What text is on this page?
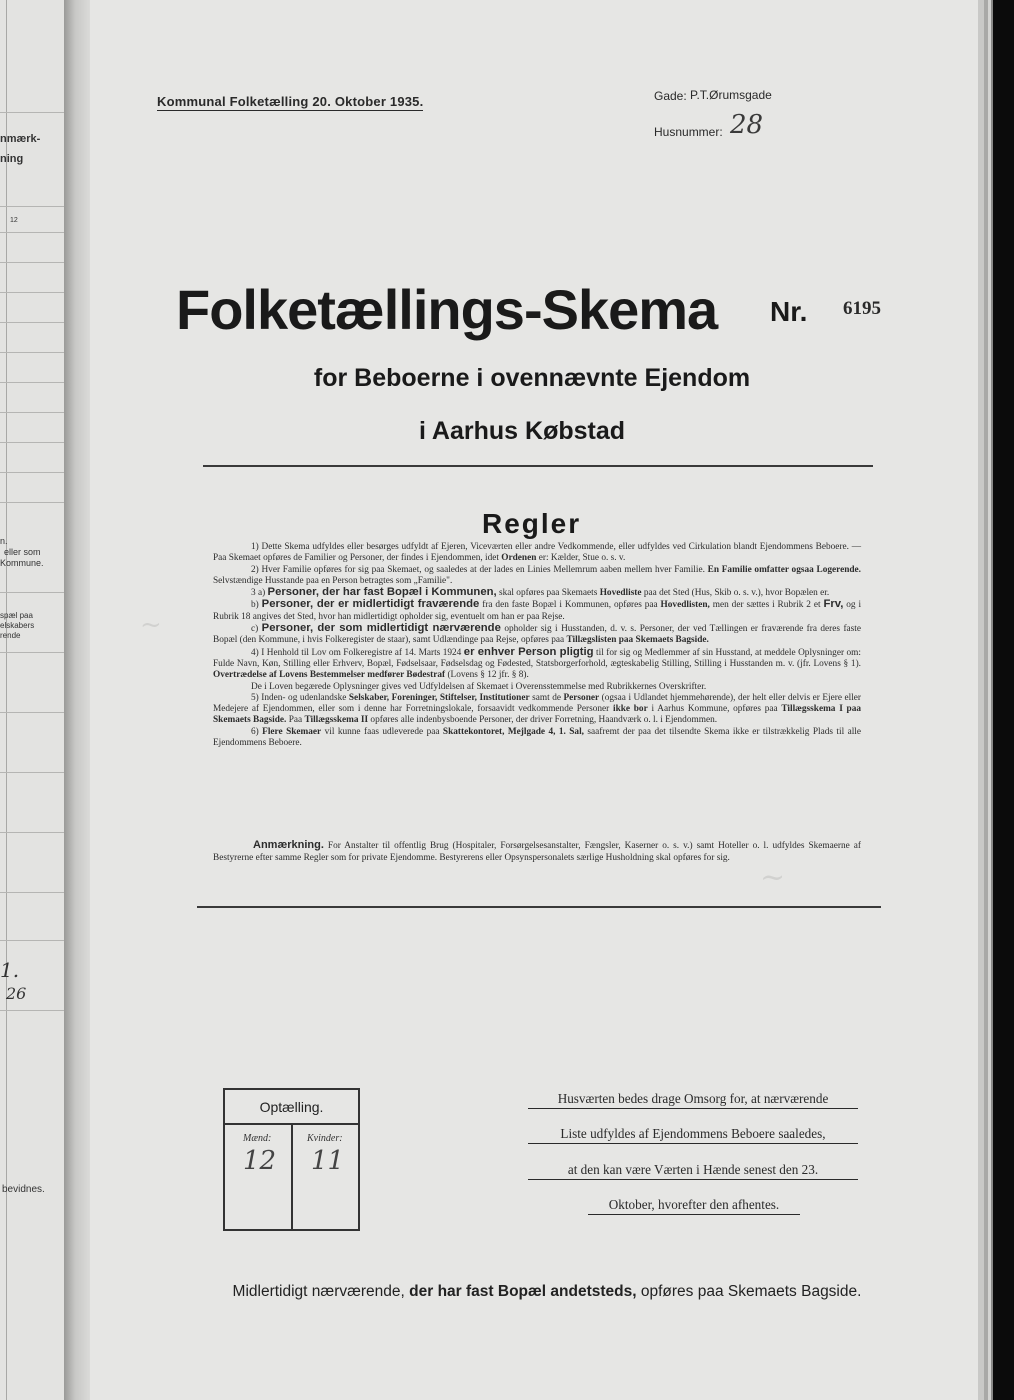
nmærk-
ning
12
n.
eller som
Kommune.
spæl paa
elskabers
rende
bevidnes.
1.
26
~
~
Kommunal Folketælling 20. Oktober 1935.	Gade: P.T.Ørumsgade
Husnummer: 28
Folketællings-Skema Nr. 6195
for Beboerne i ovennævnte Ejendom
i Aarhus Købstad
Regler

1) Dette Skema udfyldes eller besørges udfyldt af Ejeren, Viceværten eller andre Vedkommende, eller udfyldes ved Cirkulation blandt Ejendommens Beboere. — Paa Skemaet opføres de Familier og Personer, der findes i Ejendommen, idet Ordenen er: Kælder, Stue o. s. v.

2) Hver Familie opføres for sig paa Skemaet, og saaledes at der lades en Linies Mellemrum aaben mellem hver Familie. En Familie omfatter ogsaa Logerende. Selvstændige Husstande paa en Person betragtes som „Familie".

3 a) Personer, der har fast Bopæl i Kommunen, skal opføres paa Skemaets Hovedliste paa det Sted (Hus, Skib o. s. v.), hvor Bopælen er.

b) Personer, der er midlertidigt fraværende fra den faste Bopæl i Kommunen, opføres paa Hovedlisten, men der sættes i Rubrik 2 et Frv, og i Rubrik 18 angives det Sted, hvor han midlertidigt opholder sig, eventuelt om han er paa Rejse.

c) Personer, der som midlertidigt nærværende opholder sig i Husstanden, d. v. s. Personer, der ved Tællingen er fraværende fra deres faste Bopæl (den Kommune, i hvis Folkeregister de staar), samt Udlændinge paa Rejse, opføres paa Tillægslisten paa Skemaets Bagside.

4) I Henhold til Lov om Folkeregistre af 14. Marts 1924 er enhver Person pligtig til for sig og Medlemmer af sin Husstand, at meddele Oplysninger om: Fulde Navn, Køn, Stilling eller Erhverv, Bopæl, Fødselsaar, Fødselsdag og Fødested, Statsborgerforhold, ægteskabelig Stilling, Stilling i Husstanden m. v. (jfr. Lovens § 1). Overtrædelse af Lovens Bestemmelser medfører Bødestraf (Lovens § 12 jfr. § 8).

De i Loven begærede Oplysninger gives ved Udfyldelsen af Skemaet i Overensstemmelse med Rubrikkernes Overskrifter.

5) Inden- og udenlandske Selskaber, Foreninger, Stiftelser, Institutioner samt de Personer (ogsaa i Udlandet hjemmehørende), der helt eller delvis er Ejere eller Medejere af Ejendommen, eller som i denne har Forretningslokale, forsaavidt vedkommende Personer ikke bor i Aarhus Kommune, opføres paa Tillægsskema I paa Skemaets Bagside. Paa Tillægsskema II opføres alle indenbysboende Personer, der driver Forretning, Haandværk o. l. i Ejendommen.

6) Flere Skemaer vil kunne faas udleverede paa Skattekontoret, Mejlgade 4, 1. Sal, saafremt der paa det tilsendte Skema ikke er tilstrækkelig Plads til alle Ejendommens Beboere.

Anmærkning. For Anstalter til offentlig Brug (Hospitaler, Forsørgelsesanstalter, Fængsler, Kaserner o. s. v.) samt Hoteller o. l. udfyldes Skemaerne af Bestyrerne efter samme Regler som for private Ejendomme. Bestyrerens eller Opsynspersonalets særlige Husholdning skal opføres for sig.
Optælling.
Mænd:	Kvinder:
12 11
Husværten bedes drage Omsorg for, at nærværende
Liste udfyldes af Ejendommens Beboere saaledes,
at den kan være Værten i Hænde senest den 23.
Oktober, hvorefter den afhentes.
Midlertidigt nærværende, der har fast Bopæl andetsteds, opføres paa Skemaets Bagside.
